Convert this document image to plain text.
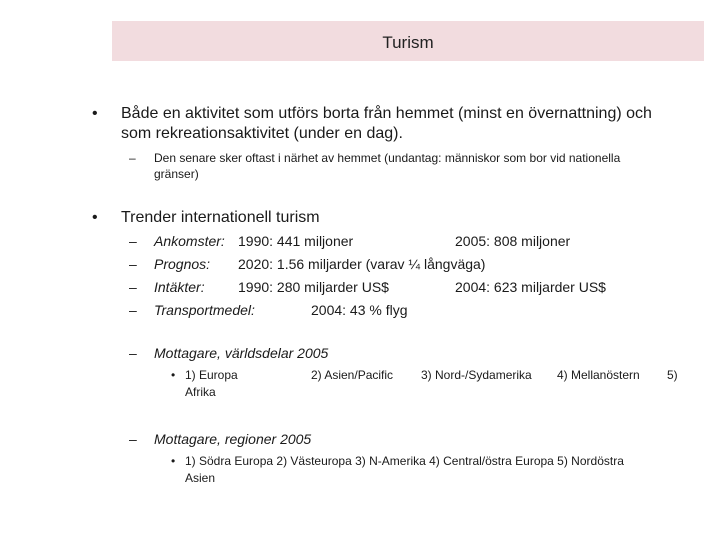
Turism
• Både en aktivitet som utförs borta från hemmet (minst en övernattning) och
som rekreationsaktivitet (under en dag).
– Den senare sker oftast i närhet av hemmet (undantag: människor som bor vid nationella
gränser)
• Trender internationell turism
– Ankomster: 1990: 441 miljoner	2005: 808 miljoner
– Prognos: 2020: 1.56 miljarder (varav ¼ långväga)
– Intäkter: 1990: 280 miljarder US$	2004: 623 miljarder US$
– Transportmedel:	2004: 43 % flyg
– Mottagare, världsdelar 2005
• 1) Europa	2) Asien/Pacific 3) Nord-/Sydamerika 4) Mellanöstern 5)
Afrika
– Mottagare, regioner 2005
• 1) Södra Europa 2) Västeuropa 3) N-Amerika 4) Central/östra Europa 5) Nordöstra
Asien
